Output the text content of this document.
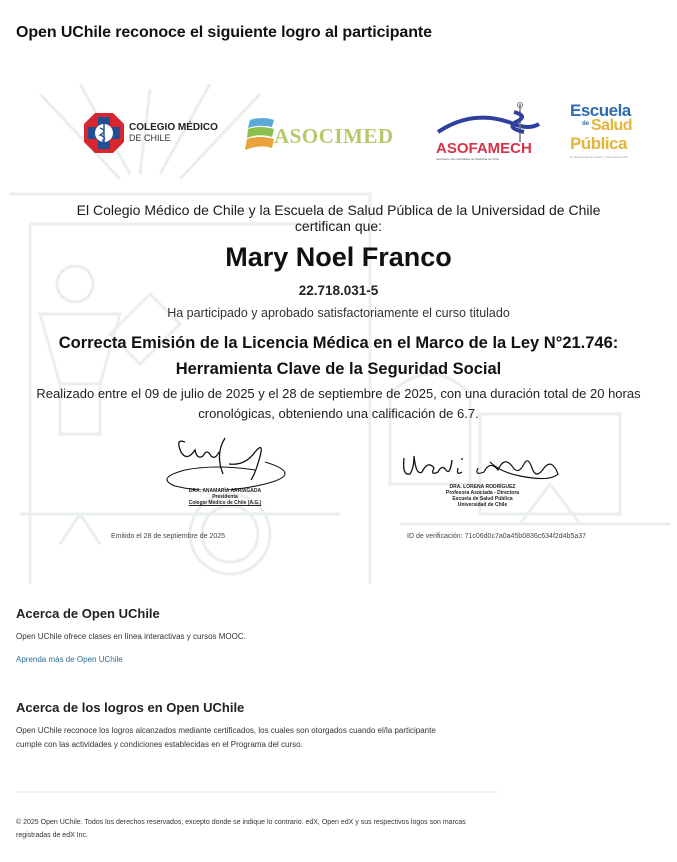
Open UChile reconoce el siguiente logro al participante
COLEGIO MÉDICO
DE CHILE	ASOCIMED
ASOFAMECH
Asociación de Facultades de Medicina de Chile
Escuela
de Salud
Pública
Dr. Salvador Allende Gossens · Universidad de Chile
El Colegio Médico de Chile y la Escuela de Salud Pública de la Universidad de Chile
certifican que:
Mary Noel Franco
22.718.031-5
Ha participado y aprobado satisfactoriamente el curso titulado
Correcta Emisión de la Licencia Médica en el Marco de la Ley N°21.746:
Herramienta Clave de la Seguridad Social
Realizado entre el 09 de julio de 2025 y el 28 de septiembre de 2025, con una duración total de 20 horas
cronológicas, obteniendo una calificación de 6.7.
DRA. ANAMARÍA ARRIAGADA
Presidenta
Colegio Médico de Chile (A.G.)
DRA. LORENA RODRÍGUEZ
Profesora Asociada - Directora
Escuela de Salud Pública
Universidad de Chile
Emitido el 28 de septiembre de 2025	ID de verificación: 71c06d0c7a0a45b0836c634f2d4b5a37
Acerca de Open UChile

Open UChile ofrece clases en línea interactivas y cursos MOOC.

Aprenda más de Open UChile
Acerca de los logros en Open UChile

Open UChile reconoce los logros alcanzados mediante certificados, los cuales son otorgados cuando el/la participante
cumple con las actividades y condiciones establecidas en el Programa del curso.

© 2025 Open UChile. Todos los derechos reservados, excepto donde se indique lo contrario. edX, Open edX y sus respectivos logos son marcas
registradas de edX Inc.
